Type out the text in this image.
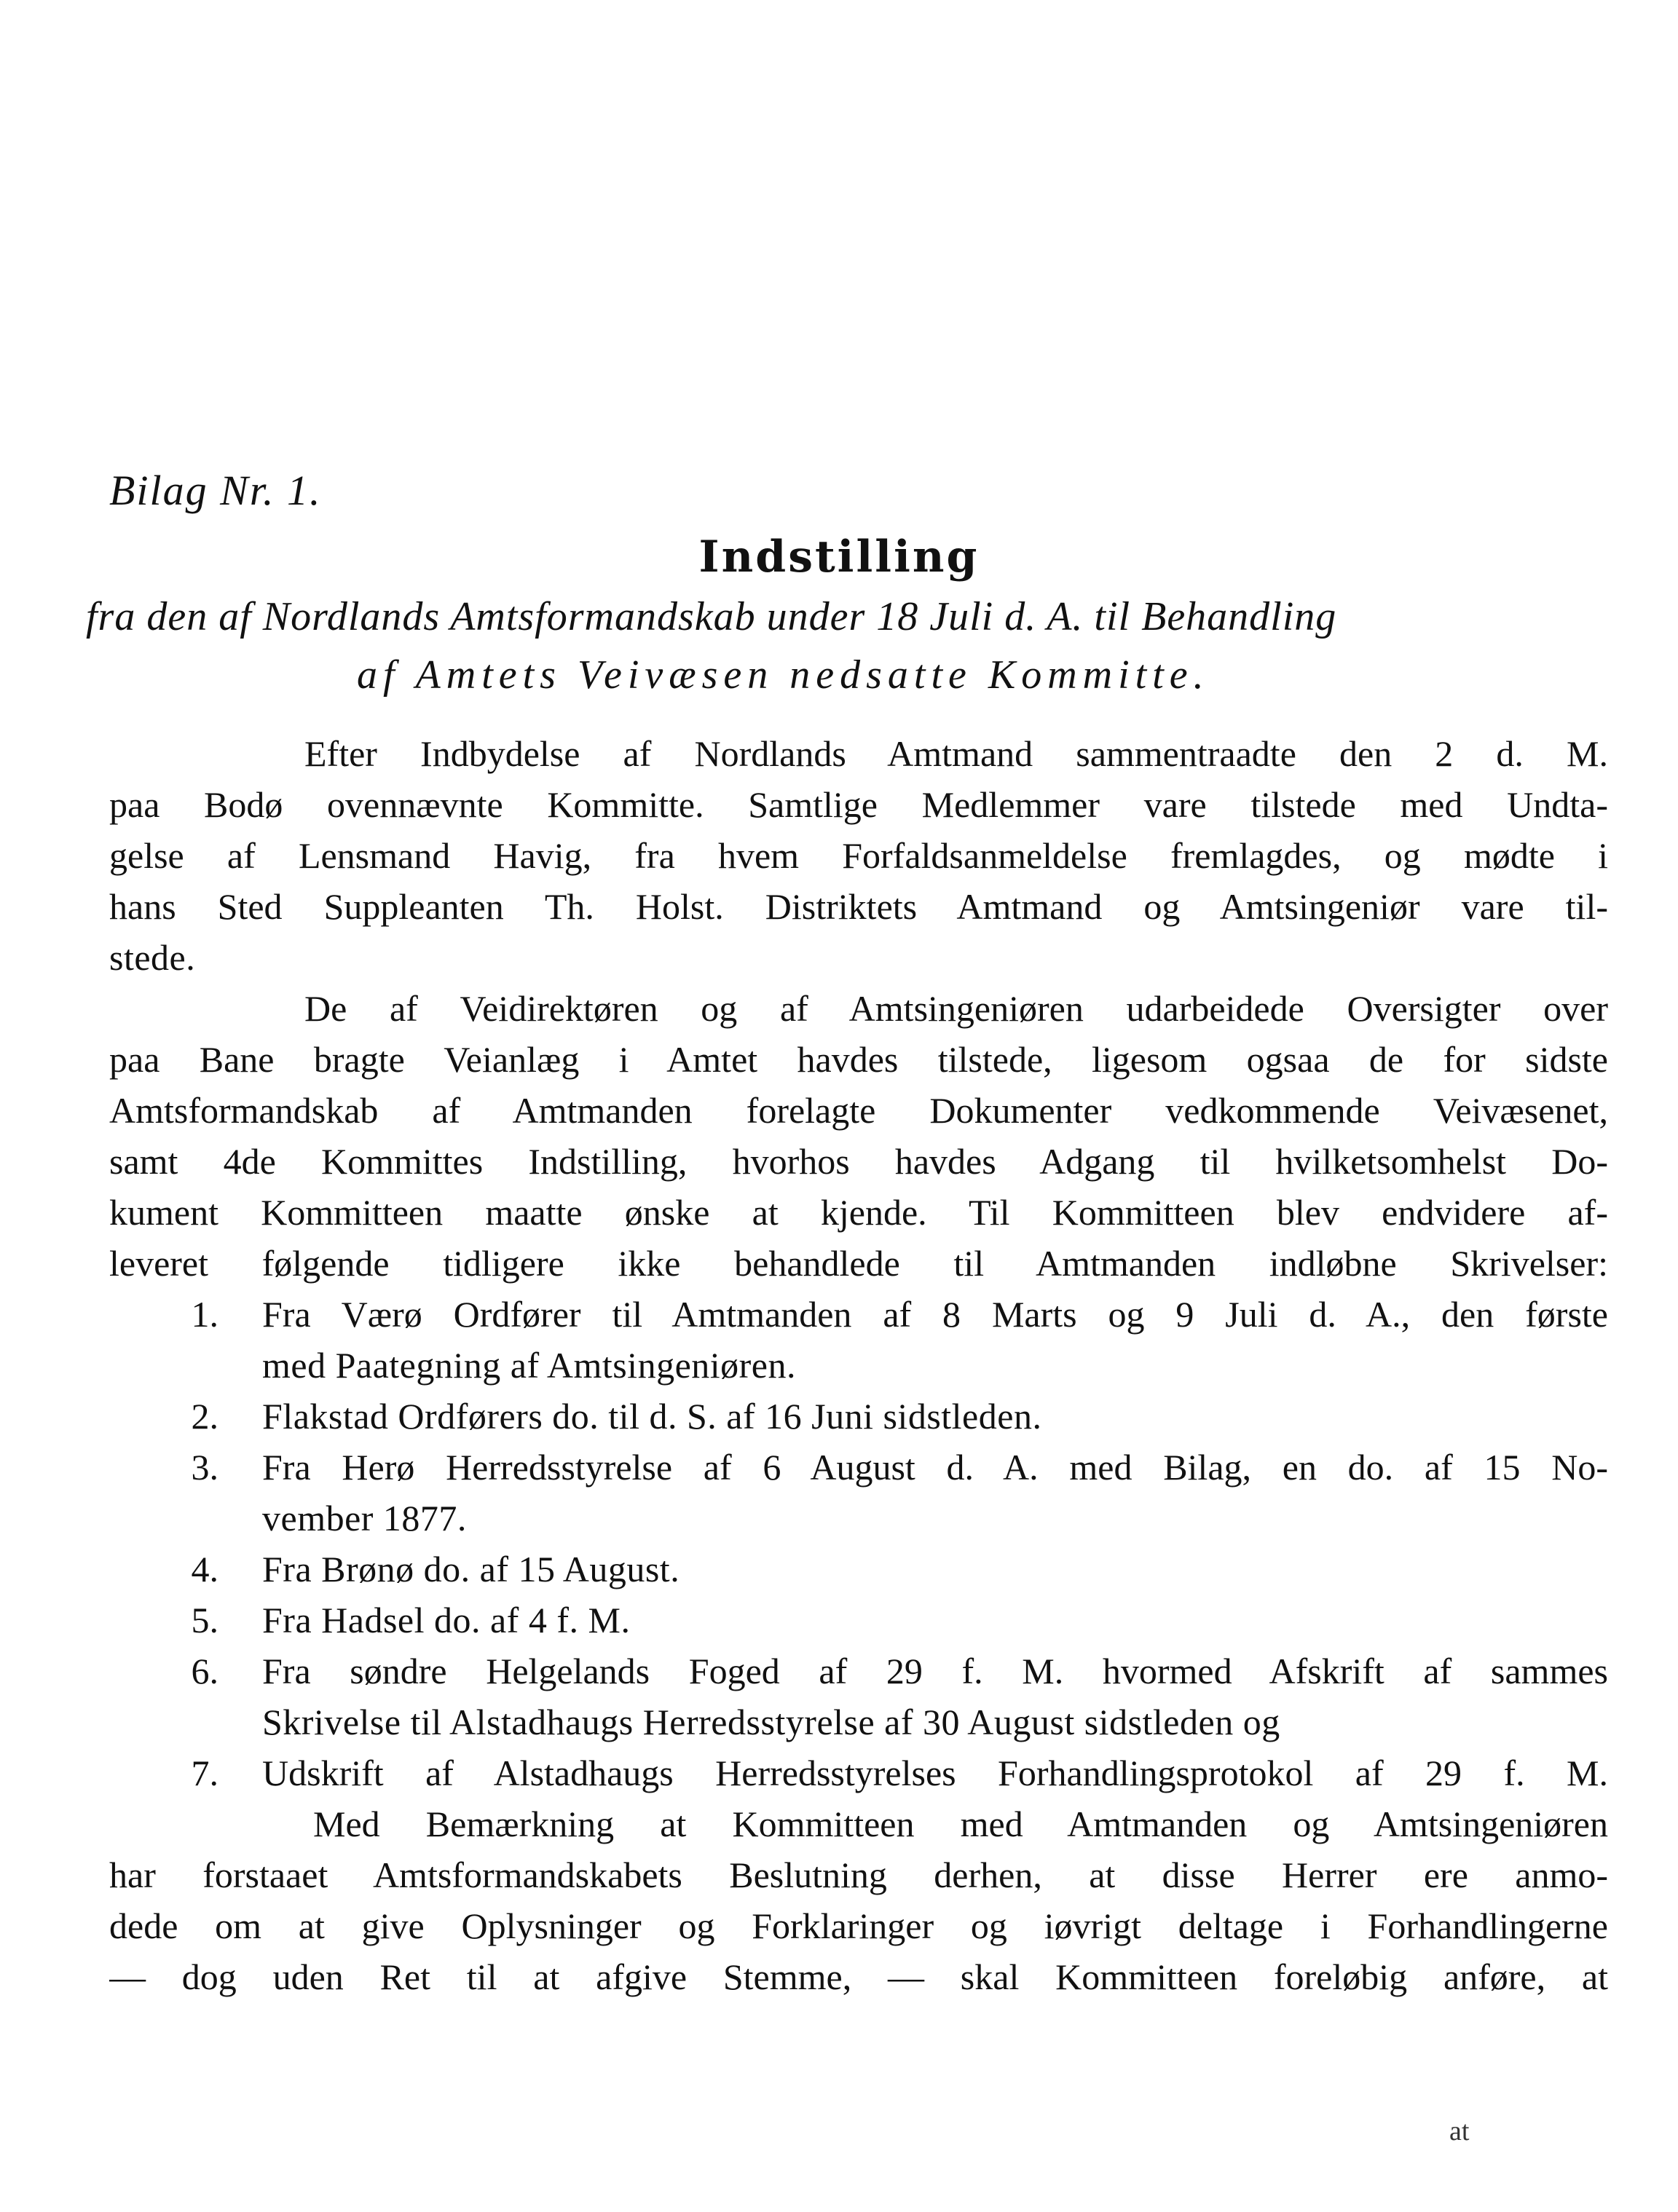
Bilag Nr. 1.
Indstilling
fra den af Nordlands Amtsformandskab under 18 Juli d. A. til Behandling
af Amtets Veivæsen nedsatte Kommitte.
Efter Indbydelse af Nordlands Amtmand sammentraadte den 2 d. M.
paa Bodø ovennævnte Kommitte. Samtlige Medlemmer vare tilstede med Undta-
gelse af Lensmand Havig, fra hvem Forfaldsanmeldelse fremlagdes, og mødte i
hans Sted Suppleanten Th. Holst. Distriktets Amtmand og Amtsingeniør vare til-
stede.
De af Veidirektøren og af Amtsingeniøren udarbeidede Oversigter over
paa Bane bragte Veianlæg i Amtet havdes tilstede, ligesom ogsaa de for sidste
Amtsformandskab af Amtmanden forelagte Dokumenter vedkommende Veivæsenet,
samt 4de Kommittes Indstilling, hvorhos havdes Adgang til hvilketsomhelst Do-
kument Kommitteen maatte ønske at kjende. Til Kommitteen blev endvidere af-
leveret følgende tidligere ikke behandlede til Amtmanden indløbne Skrivelser:
1. Fra Værø Ordfører til Amtmanden af 8 Marts og 9 Juli d. A., den første
med Paategning af Amtsingeniøren.
2. Flakstad Ordførers do. til d. S. af 16 Juni sidstleden.
3. Fra Herø Herredsstyrelse af 6 August d. A. med Bilag, en do. af 15 No-
vember 1877.
4. Fra Brønø do. af 15 August.
5. Fra Hadsel do. af 4 f. M.
6. Fra søndre Helgelands Foged af 29 f. M. hvormed Afskrift af sammes
Skrivelse til Alstadhaugs Herredsstyrelse af 30 August sidstleden og
7. Udskrift af Alstadhaugs Herredsstyrelses Forhandlingsprotokol af 29 f. M.
Med Bemærkning at Kommitteen med Amtmanden og Amtsingeniøren
har forstaaet Amtsformandskabets Beslutning derhen, at disse Herrer ere anmo-
dede om at give Oplysninger og Forklaringer og iøvrigt deltage i Forhandlingerne
— dog uden Ret til at afgive Stemme, — skal Kommitteen foreløbig anføre, at
at
